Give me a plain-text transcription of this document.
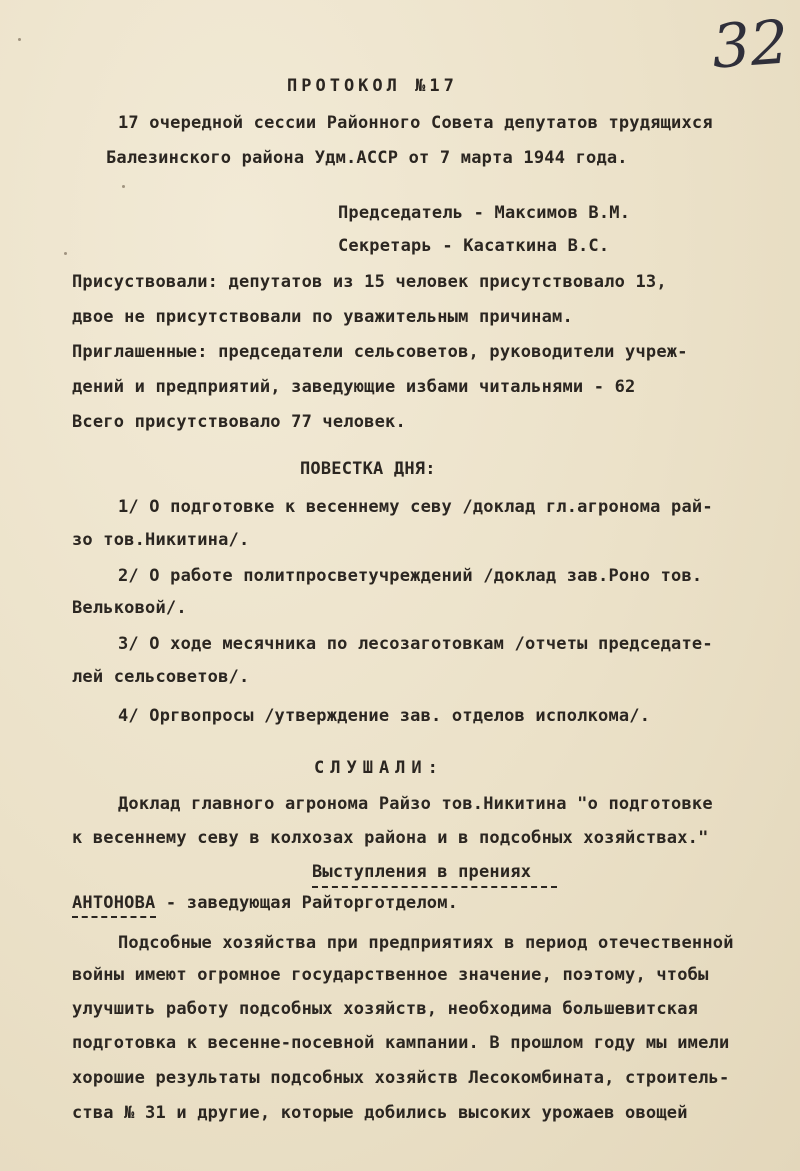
32
ПРОТОКОЛ №17
17 очередной сессии Районного Совета депутатов трудящихся
Балезинского района Удм.АССР от 7 марта 1944 года.
Председатель - Максимов В.М.
Секретарь - Касаткина В.С.
Присуствовали: депутатов из 15 человек присутствовало 13,
двое не присутствовали по уважительным причинам.
Приглашенные: председатели сельсоветов, руководители учреж-
дений и предприятий, заведующие избами читальнями - 62
Всего присутствовало 77 человек.
ПОВЕСТКА ДНЯ:
1/ О подготовке к весеннему севу /доклад гл.агронома рай-
зо тов.Никитина/.
2/ О работе политпросветучреждений /доклад зав.Роно тов.
Вельковой/.
3/ О ходе месячника по лесозаготовкам /отчеты председате-
лей сельсоветов/.
4/ Оргвопросы /утверждение зав. отделов исполкома/.
СЛУШАЛИ:
Доклад главного агронома Райзо тов.Никитина "о подготовке
к весеннему севу в колхозах района и в подсобных хозяйствах."
Выступления в прениях
АНТОНОВА - заведующая Райторготделом.
Подсобные хозяйства при предприятиях в период отечественной
войны имеют огромное государственное значение, поэтому, чтобы
улучшить работу подсобных хозяйств, необходима большевитская
подготовка к весенне-посевной кампании. В прошлом году мы имели
хорошие результаты подсобных хозяйств Лесокомбината, строитель-
ства № 31 и другие, которые добились высоких урожаев овощей
